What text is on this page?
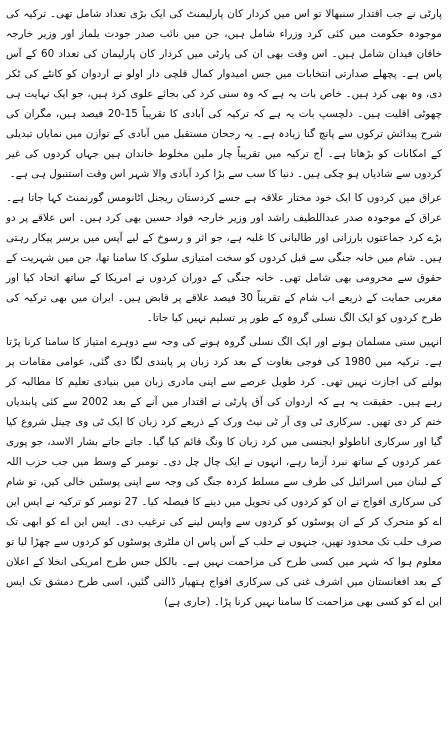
پارٹی نے جب اقتدار سنبھالا تو اس میں کردار کان پارلیمنٹ کی ایک بڑی تعداد شامل تھی۔ ترکیہ کی موجودہ حکومت میں کئی کرد وزراء شامل ہیں، جن میں نائب صدر جودت یلماز اور وزیر خارجہ خاقان فیدان شامل ہیں۔ اس وقت بھی ان کی پارٹی میں کردار کان پارلیمان کی تعداد 60 کے آس پاس ہے۔ پچھلے صدارتی انتخابات میں جس امیدوار کمال قلچی دار اولو نے اردوان کو کانٹے کی ٹکر دی، وہ بھی کرد ہیں۔ خاص بات یہ ہے کہ وہ سنی کرد کی بجائے علوی کرد ہیں، جو ایک نہایت ہی چھوٹی اقلیت ہیں۔ دلچسپ بات یہ ہے کہ ترکیہ کی آبادی کا تقریباً 15-20 فیصد ہیں، مگران کی شرح پیدائش ترکوں سے پانچ گنا زیادہ ہے۔ یہ رجحان مستقبل میں آبادی کے توازن میں نمایاں تبدیلی کے امکانات کو بڑھاتا ہے۔ آج ترکیہ میں تقریباً چار ملین مخلوط خاندان ہیں جہاں کردوں کی غیر کردوں سے شادیاں ہو چکی ہیں۔ دنیا کا سب سے بڑا کرد آبادی والا شہر اس وقت استنبول ہی ہے۔

عراق میں کردوں کا ایک خود مختار علاقہ ہے جسے کردستان ریجنل اٹانومس گورنمنٹ کہا جاتا ہے۔ عراق کے موجودہ صدر عبداللطیف راشد اور وزیر خارجہ فواد حسین بھی کرد ہیں۔ اس علاقے پر دو بڑے کرد جماعتوں بارزانی اور طالبانی کا غلبہ ہے، جو اثر و رسوخ کے لیے آپس میں برسر پیکار رہتی ہیں۔ شام میں خانہ جنگی سے قبل کردوں کو سخت امتیازی سلوک کا سامنا تھا، جن میں شہریت کے حقوق سے محرومی بھی شامل تھی۔ خانہ جنگی کے دوران کردوں نے امریکا کے ساتھ اتحاد کیا اور مغربی حمایت کے ذریعے اب شام کے تقریباً 30 فیصد علاقے پر قابض ہیں۔ ایران میں بھی ترکیہ کی طرح کردوں کو ایک الگ نسلی گروہ کے طور پر تسلیم نہیں کیا جاتا۔

انہیں سنی مسلمان ہونے اور ایک الگ نسلی گروہ ہونے کی وجہ سے دوہرے امتیاز کا سامنا کرنا پڑتا ہے۔ ترکیہ میں 1980 کی فوجی بغاوت کے بعد کرد زبان پر پابندی لگا دی گئی، عوامی مقامات پر بولنے کی اجازت نہیں تھی۔ کرد طویل عرصے سے اپنی مادری زبان میں بنیادی تعلیم کا مطالبہ کر رہے ہیں۔ حقیقت یہ ہے کہ اردوان کی آق پارٹی نے اقتدار میں آنے کے بعد 2002 سے کئی پابندیاں ختم کر دی تھیں۔ سرکاری ٹی وی آر ٹی نیٹ ورک کے ذریعے کرد زبان کا ایک ٹی وی چینل شروع کیا گیا اور سرکاری اناطولو ایجنسی میں کرد زبان کا ونگ قائم کیا گیا۔ جاتے جاتے بشار الاسد، جو پوری عمر کردوں کے ساتھ نبرد آزما رہے، انہوں نے ایک چال چل دی۔ نومبر کے وسط میں جب حزب اللہ کے لبنان میں اسرائیل کی طرف سے مسلط کردہ جنگ کی وجہ سے اپنی پوسٹیں خالی کیں، تو شام کی سرکاری افواج نے ان کو کردوں کی تحویل میں دینے کا فیصلہ کیا۔ 27 نومبر کو ترکیہ نے ایس این اے کو متحرک کر کے ان پوسٹوں کو کردوں سے واپس لینے کی ترغیب دی۔ ایس این اے کو ابھی تک صرف حلب تک محدود تھیں، جنہوں نے حلب کے آس پاس ان ملٹری پوسٹوں کو کردوں سے چھڑا لیا تو معلوم ہوا کہ شہر میں کسی طرح کی مزاحمت نہیں ہے۔ بالکل جس طرح امریکی انخلا کے اعلان کے بعد افغانستان میں اشرف غنی کی سرکاری افواج ہتھیار ڈالتی گئیں، اسی طرح دمشق تک ایس این اے کو کسی بھی مزاحمت کا سامنا نہیں کرنا پڑا۔ (جاری ہے)
